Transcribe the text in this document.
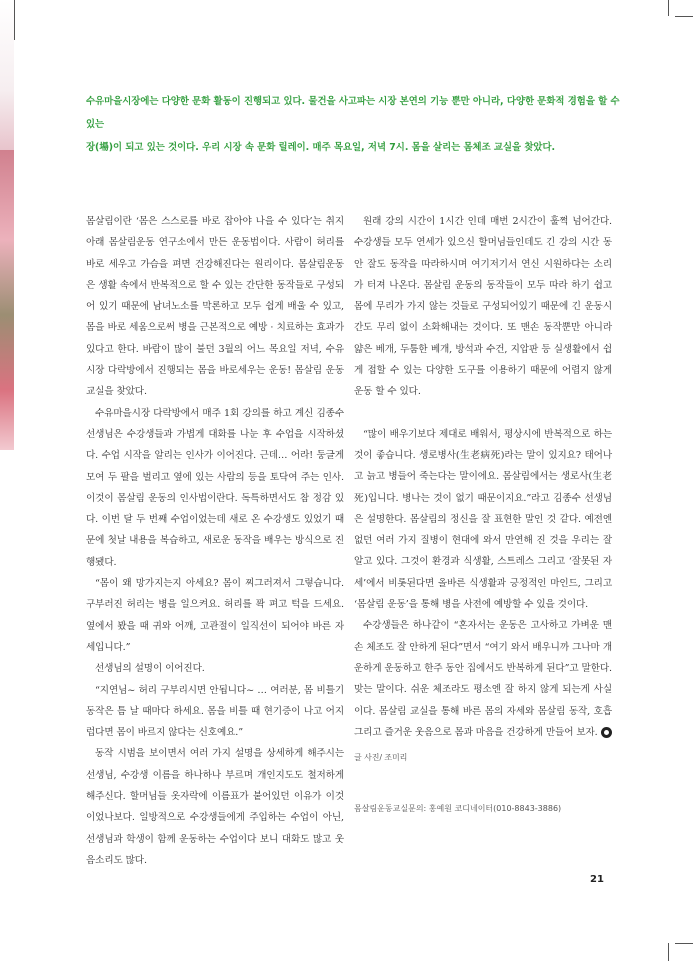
수유마을시장에는 다양한 문화 활동이 진행되고 있다. 물건을 사고파는 시장 본연의 기능 뿐만 아니라, 다양한 문화적 경험을 할 수 있는

장(場)이 되고 있는 것이다. 우리 시장 속 문화 릴레이. 매주 목요일, 저녁 7시. 몸을 살리는 몸체조 교실을 찾았다.

몸살림이란 ‘몸은 스스로를 바로 잡아야 나을 수 있다’는 취지 아래 몸살림운동 연구소에서 만든 운동법이다. 사람이 허리를 바로 세우고 가슴을 펴면 건강해진다는 원리이다. 몸살림운동은 생활 속에서 반복적으로 할 수 있는 간단한 동작들로 구성되어 있기 때문에 남녀노소를 막론하고 모두 쉽게 배울 수 있고, 몸을 바로 세움으로써 병을 근본적으로 예방 · 치료하는 효과가 있다고 한다. 바람이 많이 불던 3월의 어느 목요일 저녁, 수유시장 다락방에서 진행되는 몸을 바로세우는 운동! 몸살림 운동 교실을 찾았다.

수유마을시장 다락방에서 매주 1회 강의를 하고 계신 김종수 선생님은 수강생들과 가볍게 대화를 나눈 후 수업을 시작하셨다. 수업 시작을 알리는 인사가 이어진다. 근데… 어라! 둥글게 모여 두 팔을 벌리고 옆에 있는 사람의 등을 토닥여 주는 인사. 이것이 몸살림 운동의 인사법이란다. 독특하면서도 참 정감 있다. 이번 달 두 번째 수업이었는데 새로 온 수강생도 있었기 때문에 첫날 내용을 복습하고, 새로운 동작을 배우는 방식으로 진행됐다.

“몸이 왜 망가지는지 아세요? 몸이 찌그러져서 그렇습니다. 구부러진 허리는 병을 일으켜요. 허리를 꽉 펴고 턱을 드세요. 옆에서 봤을 때 귀와 어깨, 고관절이 일직선이 되어야 바른 자세입니다.”

선생님의 설명이 이어진다.

“지연님~ 허리 구부리시면 안됩니다~ … 여러분, 몸 비틀기 동작은 틈 날 때마다 하세요. 몸을 비틀 때 현기증이 나고 어지럽다면 몸이 바르지 않다는 신호예요.”

동작 시범을 보이면서 여러 가지 설명을 상세하게 해주시는 선생님, 수강생 이름을 하나하나 부르며 개인지도도 철저하게 해주신다. 할머님들 옷자락에 이름표가 붙어있던 이유가 이것이었나보다. 일방적으로 수강생들에게 주입하는 수업이 아닌, 선생님과 학생이 함께 운동하는 수업이다 보니 대화도 많고 웃음소리도 많다.

원래 강의 시간이 1시간 인데 매번 2시간이 훌쩍 넘어간다. 수강생들 모두 연세가 있으신 할머님들인데도 긴 강의 시간 동안 잘도 동작을 따라하시며 여기저기서 연신 시원하다는 소리가 터져 나온다. 몸살림 운동의 동작들이 모두 따라 하기 쉽고 몸에 무리가 가지 않는 것들로 구성되어있기 때문에 긴 운동시간도 무리 없이 소화해내는 것이다. 또 맨손 동작뿐만 아니라 얇은 베개, 두툼한 베개, 방석과 수건, 지압판 등 실생활에서 쉽게 접할 수 있는 다양한 도구를 이용하기 때문에 어렵지 않게 운동 할 수 있다.

“많이 배우기보다 제대로 배워서, 평상시에 반복적으로 하는 것이 좋습니다. 생로병사(生老病死)라는 말이 있지요? 태어나고 늙고 병들어 죽는다는 말이에요. 몸살림에서는 생로사(生老死)입니다. 병나는 것이 없기 때문이지요.”라고 김종수 선생님은 설명한다. 몸살림의 정신을 잘 표현한 말인 것 같다. 예전엔 없던 여러 가지 질병이 현대에 와서 만연해 진 것을 우리는 잘 알고 있다. 그것이 환경과 식생활, 스트레스 그리고 ‘잘못된 자세’에서 비롯된다면 올바른 식생활과 긍정적인 마인드, 그리고 ‘몸살림 운동’을 통해 병을 사전에 예방할 수 있을 것이다.

수강생들은 하나같이 “혼자서는 운동은 고사하고 가벼운 맨손 체조도 잘 안하게 된다”면서 “여기 와서 배우니까 그나마 개운하게 운동하고 한주 동안 집에서도 반복하게 된다”고 말한다. 맞는 말이다. 쉬운 체조라도 평소엔 잘 하지 않게 되는게 사실이다. 몸살림 교실을 통해 바른 몸의 자세와 몸살림 동작, 호흡 그리고 즐거운 웃음으로 몸과 마음을 건강하게 만들어 보자.

글 사진/ 조미리
몸살림운동교실문의: 홍예원 코디네이터(010-8843-3886)
21
